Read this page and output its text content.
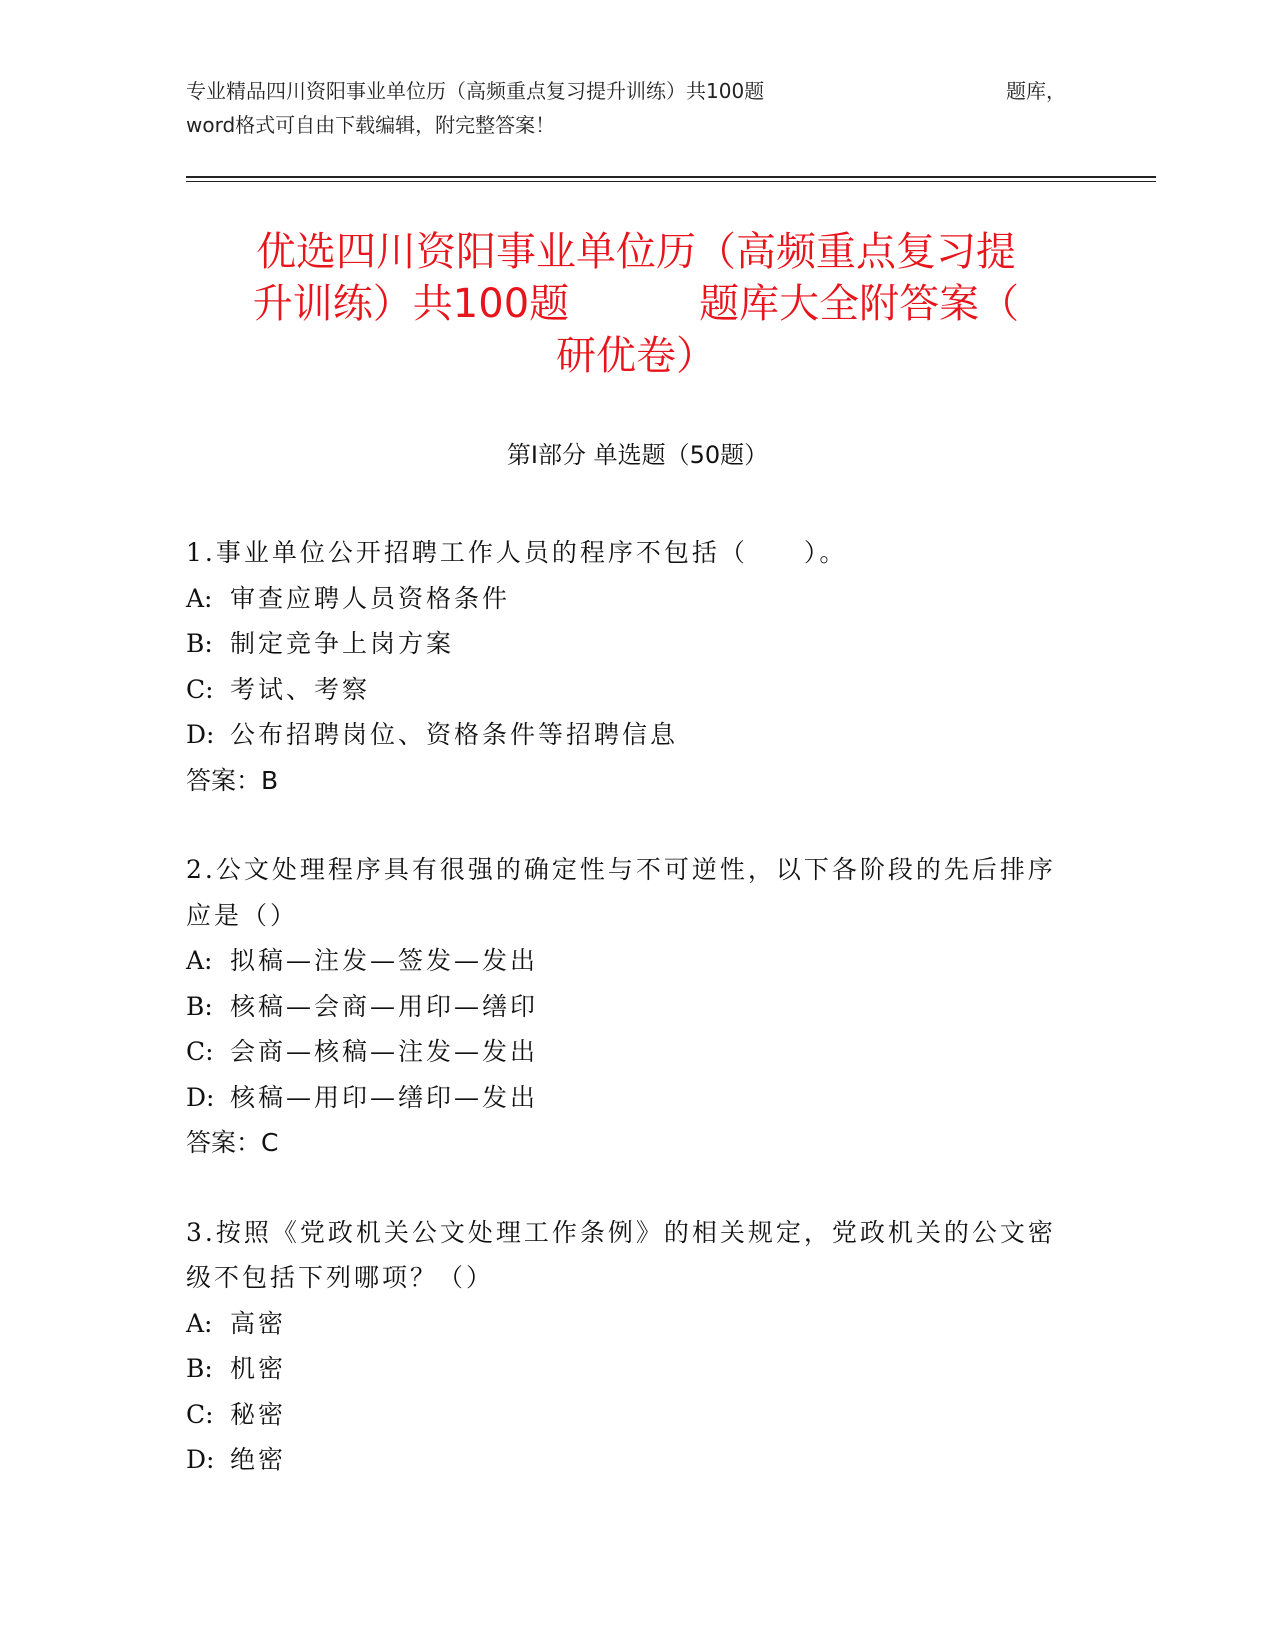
专业精品四川资阳事业单位历（高频重点复习提升训练）共100题	题库，
word格式可自由下载编辑，附完整答案！
优选四川资阳事业单位历（高频重点复习提
升训练）共100题	题库大全附答案（
研优卷）
第I部分 单选题（50题）
1.事业单位公开招聘工作人员的程序不包括（　　）。
A: 审查应聘人员资格条件
B: 制定竞争上岗方案
C: 考试、考察
D: 公布招聘岗位、资格条件等招聘信息
答案：B
2.公文处理程序具有很强的确定性与不可逆性，以下各阶段的先后排序应是（）
A: 拟稿—注发—签发—发出
B: 核稿—会商—用印—缮印
C: 会商—核稿—注发—发出
D: 核稿—用印—缮印—发出
答案：C
3.按照《党政机关公文处理工作条例》的相关规定，党政机关的公文密级不包括下列哪项？（）
A: 高密
B: 机密
C: 秘密
D: 绝密
